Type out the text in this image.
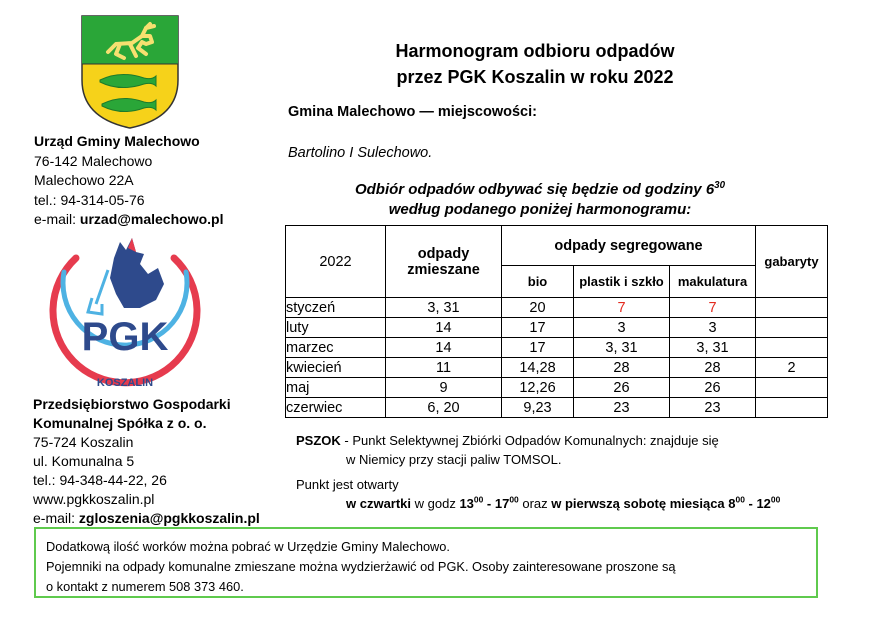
PGK
KOSZALIN
Urząd Gminy Malechowo
76-142 Malechowo
Malechowo 22A
tel.: 94-314-05-76
e-mail: urzad@malechowo.pl
Przedsiębiorstwo Gospodarki
Komunalnej Spółka z o. o.
75-724 Koszalin
ul. Komunalna 5
tel.: 94-348-44-22, 26
www.pgkkoszalin.pl
e-mail: zgloszenia@pgkkoszalin.pl
Harmonogram odbioru odpadów
przez PGK Koszalin w roku 2022
Gmina Malechowo — miejscowości:
Bartolino I Sulechowo.
Odbiór odpadów odbywać się będzie od godziny $6^{30}$
według podanego poniżej harmonogramu:
2022	odpady zmieszane	odpady segregowane			gabaryty
		bio	plastik i szkło	makulatura	
styczeń	3, 31	20	7	7	
luty	14	17	3	3	
marzec	14	17	3, 31	3, 31	
kwiecień	11	14,28	28	28	2
maj	9	12,26	26	26	
czerwiec	6, 20	9,23	23	23	
PSZOK - Punkt Selektywnej Zbiórki Odpadów Komunalnych: znajduje się
w Niemicy przy stacji paliw TOMSOL.
Punkt jest otwarty
w czwartki w godz $13^{00} - 17^{00}$ oraz w pierwszą sobotę miesiąca $8^{00} - 12^{00}$
Dodatkową ilość worków można pobrać w Urzędzie Gminy Malechowo.
Pojemniki na odpady komunalne zmieszane można wydzierżawić od PGK. Osoby zainteresowane proszone są
o kontakt z numerem 508 373 460.
